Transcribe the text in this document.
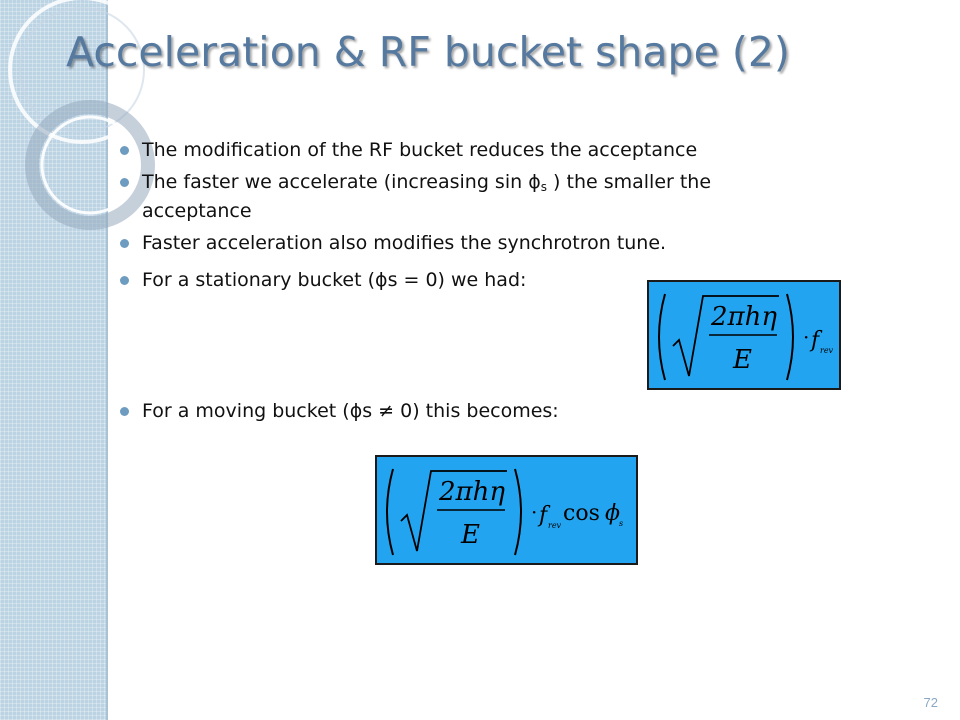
Acceleration & RF bucket shape (2)
The modification of the RF bucket reduces the acceptance
The faster we accelerate (increasing $\sin \phi_s$ ) the smaller the acceptance
Faster acceleration also modifies the synchrotron tune.
For a stationary bucket (ϕs = 0) we had:
For a moving bucket (ϕs ≠ 0) this becomes:
2πhη
E
· f rev
2πhη
E
· f rev cos ϕ s
72
